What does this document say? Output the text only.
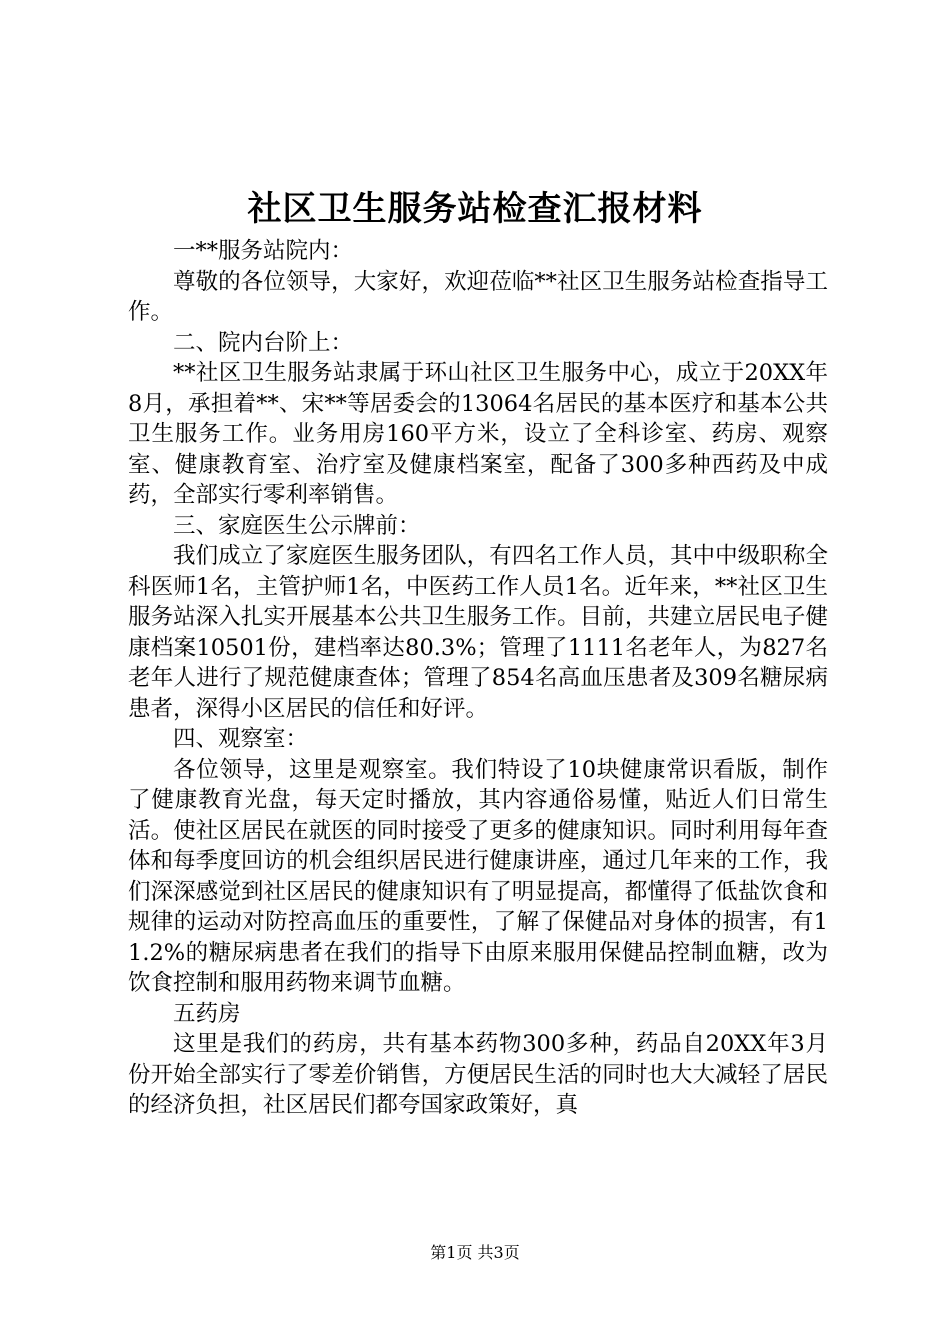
社区卫生服务站检查汇报材料

一**服务站院内：

尊敬的各位领导，大家好，欢迎莅临**社区卫生服务站检查指导工作。

二、院内台阶上：

**社区卫生服务站隶属于环山社区卫生服务中心，成立于20XX年8月，承担着**、宋**等居委会的13064名居民的基本医疗和基本公共卫生服务工作。业务用房160平方米，设立了全科诊室、药房、观察室、健康教育室、治疗室及健康档案室，配备了300多种西药及中成药，全部实行零利率销售。

三、家庭医生公示牌前：

我们成立了家庭医生服务团队，有四名工作人员，其中中级职称全科医师1名，主管护师1名，中医药工作人员1名。近年来，**社区卫生服务站深入扎实开展基本公共卫生服务工作。目前，共建立居民电子健康档案10501份，建档率达80.3%；管理了1111名老年人，为827名老年人进行了规范健康查体；管理了854名高血压患者及309名糖尿病患者，深得小区居民的信任和好评。

四、观察室：

各位领导，这里是观察室。我们特设了10块健康常识看版，制作了健康教育光盘，每天定时播放，其内容通俗易懂，贴近人们日常生活。使社区居民在就医的同时接受了更多的健康知识。同时利用每年查体和每季度回访的机会组织居民进行健康讲座，通过几年来的工作，我们深深感觉到社区居民的健康知识有了明显提高，都懂得了低盐饮食和规律的运动对防控高血压的重要性，了解了保健品对身体的损害，有11.2%的糖尿病患者在我们的指导下由原来服用保健品控制血糖，改为饮食控制和服用药物来调节血糖。

五药房

这里是我们的药房，共有基本药物300多种，药品自20XX年3月份开始全部实行了零差价销售，方便居民生活的同时也大大减轻了居民的经济负担，社区居民们都夸国家政策好，真

第1页 共3页
